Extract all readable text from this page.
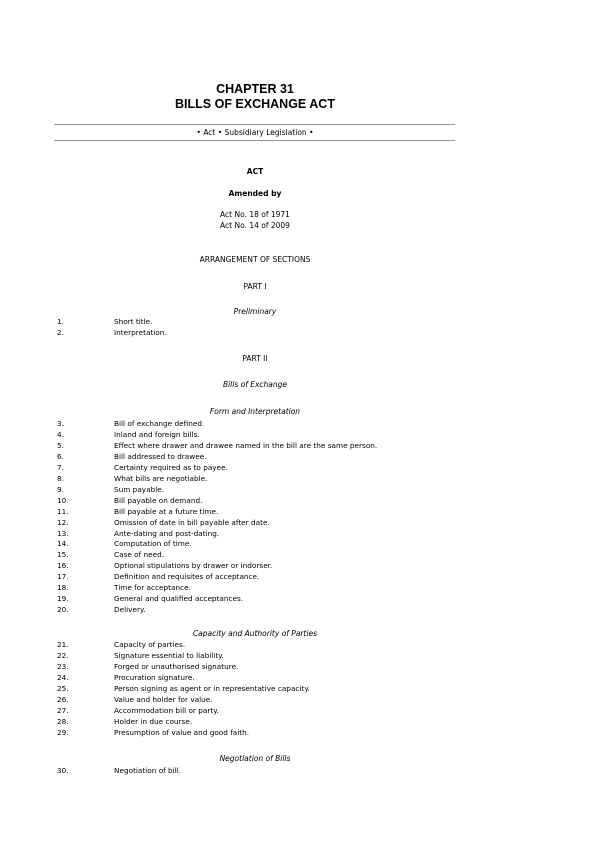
CHAPTER 31
BILLS OF EXCHANGE ACT
• Act • Subsidiary Legislation •
ACT
Amended by
Act No. 18 of 1971
Act No. 14 of 2009
ARRANGEMENT OF SECTIONS
PART I
Preliminary
1.	Short title.
2.	Interpretation.
PART II
Bills of Exchange
Form and Interpretation
3.	Bill of exchange defined.
4.	Inland and foreign bills.
5.	Effect where drawer and drawee named in the bill are the same person.
6.	Bill addressed to drawee.
7.	Certainty required as to payee.
8.	What bills are negotiable.
9.	Sum payable.
10.	Bill payable on demand.
11.	Bill payable at a future time.
12.	Omission of date in bill payable after date.
13.	Ante-dating and post-dating.
14.	Computation of time.
15.	Case of need.
16.	Optional stipulations by drawer or indorser.
17.	Definition and requisites of acceptance.
18.	Time for acceptance.
19.	General and qualified acceptances.
20.	Delivery.
Capacity and Authority of Parties
21.	Capacity of parties.
22.	Signature essential to liability.
23.	Forged or unauthorised signature.
24.	Procuration signature.
25.	Person signing as agent or in representative capacity.
26.	Value and holder for value.
27.	Accommodation bill or party.
28.	Holder in due course.
29.	Presumption of value and good faith.
Negotiation of Bills
30.	Negotiation of bill.
